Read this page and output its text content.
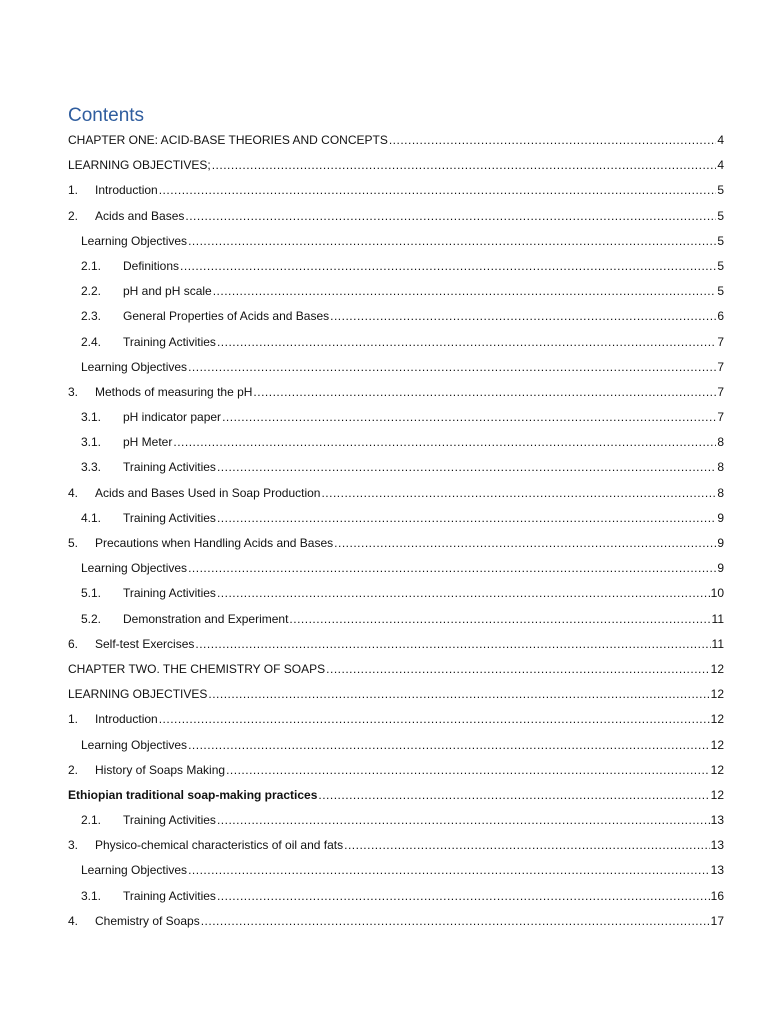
Contents
CHAPTER ONE: ACID-BASE THEORIES AND CONCEPTS .....	4
LEARNING OBJECTIVES; .....	4
1.	Introduction .....	5
2.	Acids and Bases .....	5
Learning Objectives .....	5
2.1.	Definitions .....	5
2.2.	pH and pH scale .....	5
2.3.	General Properties of Acids and Bases .....	6
2.4.	Training Activities .....	7
Learning Objectives .....	7
3.	Methods of measuring the pH .....	7
3.1.	pH indicator paper .....	7
3.1.	pH Meter .....	8
3.3.	Training Activities .....	8
4.	Acids and Bases Used in Soap Production .....	8
4.1.	Training Activities .....	9
5.	Precautions when Handling Acids and Bases .....	9
Learning Objectives .....	9
5.1.	Training Activities .....	10
5.2.	Demonstration and Experiment .....	11
6.	Self-test Exercises .....	11
CHAPTER TWO. THE CHEMISTRY OF SOAPS .....	12
LEARNING OBJECTIVES .....	12
1.	Introduction .....	12
Learning Objectives .....	12
2.	History of Soaps Making .....	12
Ethiopian traditional soap-making practices .....	12
2.1.	Training Activities .....	13
3.	Physico-chemical characteristics of oil and fats .....	13
Learning Objectives .....	13
3.1.	Training Activities .....	16
4.	Chemistry of Soaps .....	17
